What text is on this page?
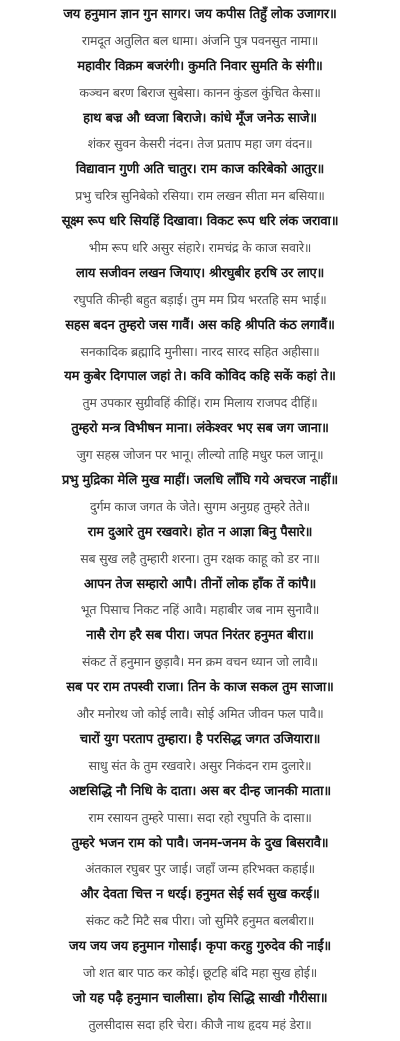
जय हनुमान ज्ञान गुन सागर। जय कपीस तिहुँ लोक उजागर॥
रामदूत अतुलित बल धामा। अंजनि पुत्र पवनसुत नामा॥
महावीर विक्रम बजरंगी। कुमति निवार सुमति के संगी॥
कञ्चन बरण बिराज सुबेसा। कानन कुंडल कुंचित केसा॥
हाथ बज्र औ ध्वजा बिराजे। कांधे मूँज जनेऊ साजे॥
शंकर सुवन केसरी नंदन। तेज प्रताप महा जग वंदन॥
विद्यावान गुणी अति चातुर। राम काज करिबेको आतुर॥
प्रभु चरित्र सुनिबेको रसिया। राम लखन सीता मन बसिया॥
सूक्ष्म रूप धरि सियहिं दिखावा। विकट रूप धरि लंक जरावा॥
भीम रूप धरि असुर संहारे। रामचंद्र के काज सवारे॥
लाय सजीवन लखन जियाए। श्रीरघुबीर हरषि उर लाए॥
रघुपति कीन्ही बहुत बड़ाई। तुम मम प्रिय भरतहि सम भाई॥
सहस बदन तुम्हरो जस गावैं। अस कहि श्रीपति कंठ लगावैं॥
सनकादिक ब्रह्मादि मुनीसा। नारद सारद सहित अहीसा॥
यम कुबेर दिगपाल जहां ते। कवि कोविद कहि सकें कहां ते॥
तुम उपकार सुग्रीवहिं कीहिं। राम मिलाय राजपद दीहिं॥
तुम्हरो मन्त्र विभीषन माना। लंकेश्वर भए सब जग जाना॥
जुग सहस्र जोजन पर भानू। लील्यो ताहि मधुर फल जानू॥
प्रभु मुद्रिका मेलि मुख माहीं। जलधि लाँघि गये अचरज नाहीं॥
दुर्गम काज जगत के जेते। सुगम अनुग्रह तुम्हरे तेते॥
राम दुआरे तुम रखवारे। होत न आज्ञा बिनु पैसारे॥
सब सुख लहै तुम्हारी शरना। तुम रक्षक काहू को डर ना॥
आपन तेज सम्हारो आपै। तीनों लोक हाँक तें कांपै॥
भूत पिसाच निकट नहिं आवै। महाबीर जब नाम सुनावै॥
नासै रोग हरै सब पीरा। जपत निरंतर हनुमत बीरा॥
संकट तें हनुमान छुड़ावै। मन क्रम वचन ध्यान जो लावै॥
सब पर राम तपस्वी राजा। तिन के काज सकल तुम साजा॥
और मनोरथ जो कोई लावै। सोई अमित जीवन फल पावै॥
चारों युग परताप तुम्हारा। है परसिद्ध जगत उजियारा॥
साधु संत के तुम रखवारे। असुर निकंदन राम दुलारे॥
अष्टसिद्धि नौ निधि के दाता। अस बर दीन्ह जानकी माता॥
राम रसायन तुम्हरे पासा। सदा रहो रघुपति के दासा॥
तुम्हरे भजन राम को पावै। जनम-जनम के दुख बिसरावै॥
अंतकाल रघुबर पुर जाई। जहाँ जन्म हरिभक्त कहाई॥
और देवता चित्त न धरई। हनुमत सेई सर्व सुख करई॥
संकट कटै मिटै सब पीरा। जो सुमिरै हनुमत बलबीरा॥
जय जय जय हनुमान गोसाईं। कृपा करहु गुरुदेव की नाईं॥
जो शत बार पाठ कर कोई। छूटहि बंदि महा सुख होई॥
जो यह पढ़ै हनुमान चालीसा। होय सिद्धि साखी गौरीसा॥
तुलसीदास सदा हरि चेरा। कीजै नाथ हृदय महं डेरा॥
